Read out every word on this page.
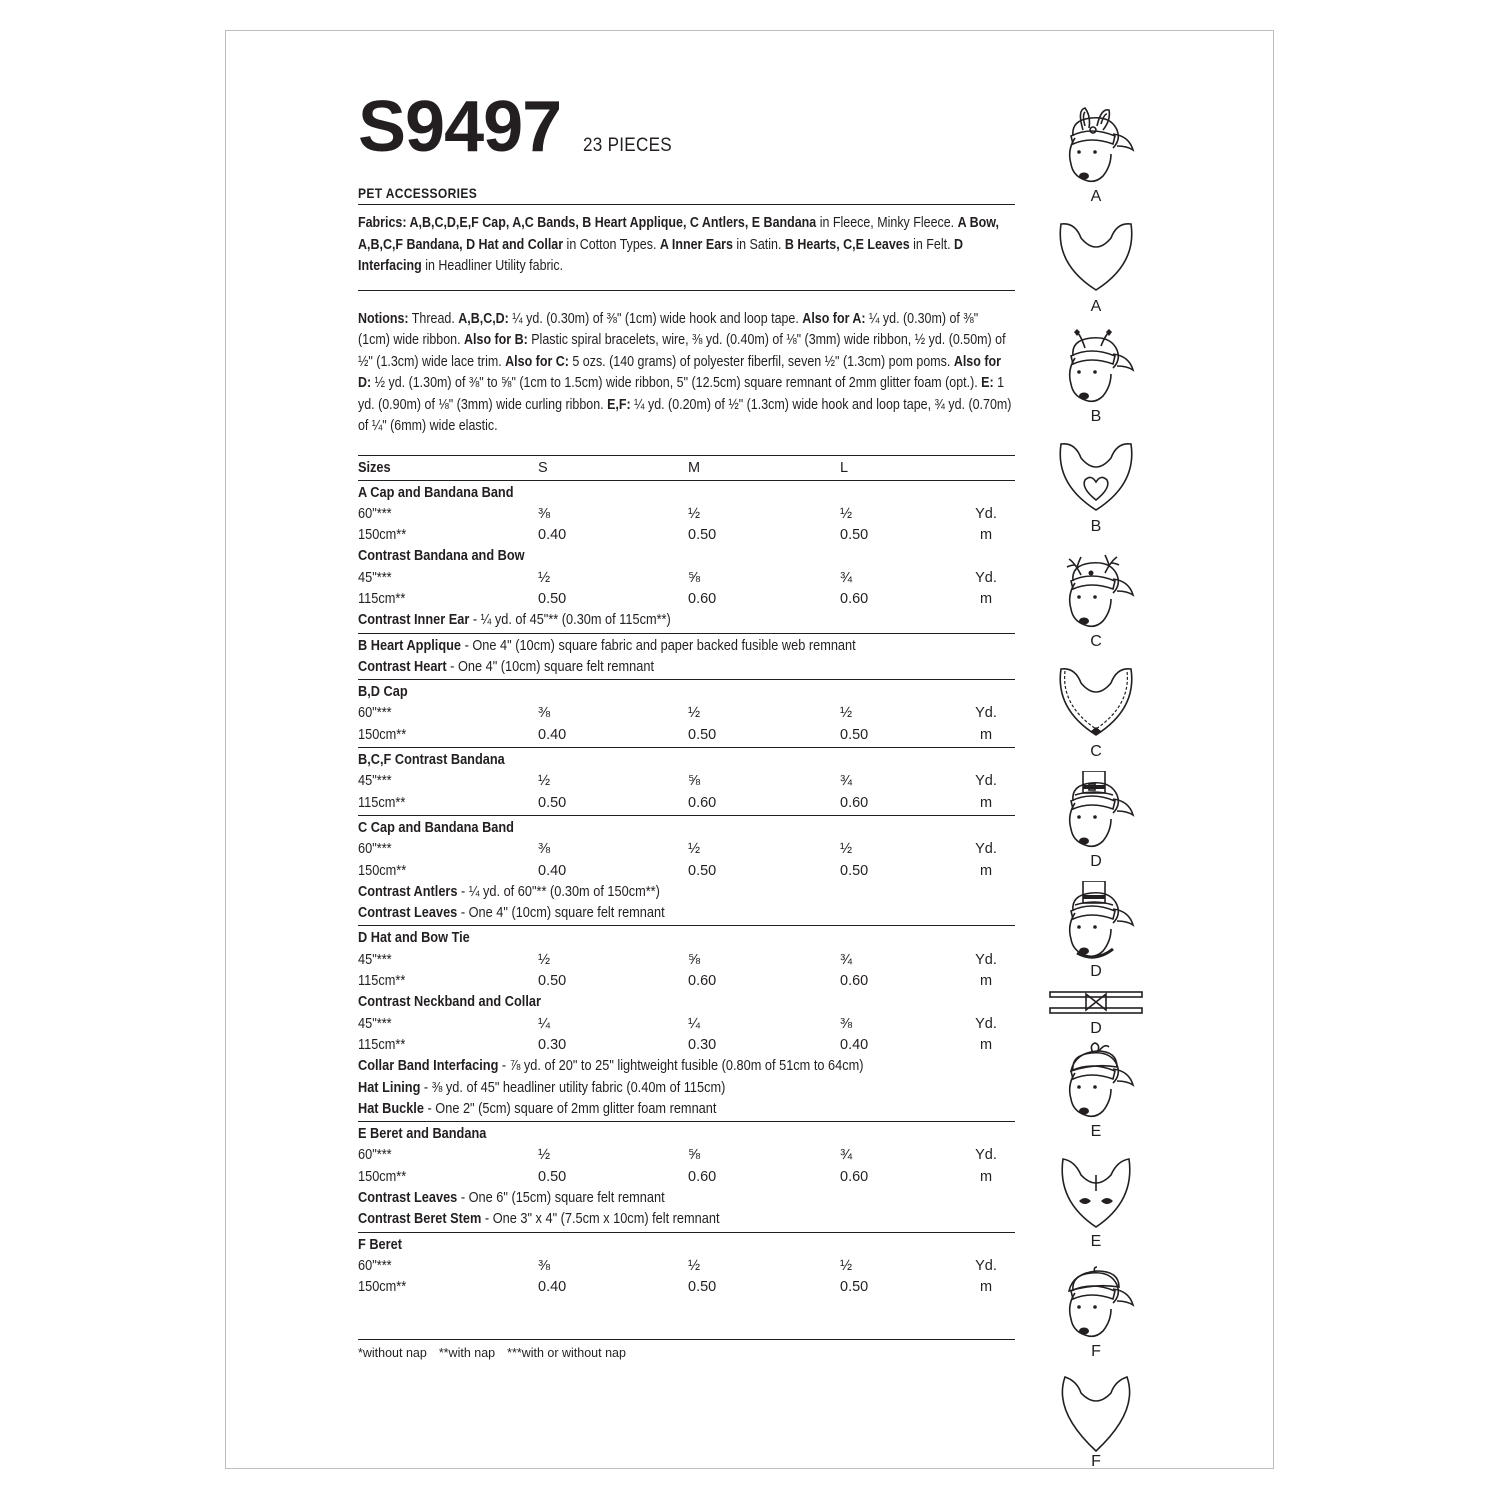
S9497 23 PIECES
PET ACCESSORIES
Fabrics: A,B,C,D,E,F Cap, A,C Bands, B Heart Applique, C Antlers, E Bandana in Fleece, Minky Fleece. A Bow, A,B,C,F Bandana, D Hat and Collar in Cotton Types. A Inner Ears in Satin. B Hearts, C,E Leaves in Felt. D Interfacing in Headliner Utility fabric.
Notions: Thread. A,B,C,D: ¼ yd. (0.30m) of ⅜" (1cm) wide hook and loop tape. Also for A: ¼ yd. (0.30m) of ⅜" (1cm) wide ribbon. Also for B: Plastic spiral bracelets, wire, ⅜ yd. (0.40m) of ⅛" (3mm) wide ribbon, ½ yd. (0.50m) of ½" (1.3cm) wide lace trim. Also for C: 5 ozs. (140 grams) of polyester fiberfil, seven ½" (1.3cm) pom poms. Also for D: ½ yd. (1.30m) of ⅜" to ⅝" (1cm to 1.5cm) wide ribbon, 5" (12.5cm) square remnant of 2mm glitter foam (opt.). E: 1 yd. (0.90m) of ⅛" (3mm) wide curling ribbon. E,F: ¼ yd. (0.20m) of ½" (1.3cm) wide hook and loop tape, ¾ yd. (0.70m) of ¼" (6mm) wide elastic.
Sizes	S	M	L
A Cap and Bandana Band
60"***	⅜	½	½	Yd.
150cm**	0.40	0.50	0.50	m
Contrast Bandana and Bow
45"***	½	⅝	¾	Yd.
115cm**	0.50	0.60	0.60	m
Contrast Inner Ear - ¼ yd. of 45"** (0.30m of 115cm**)
B Heart Applique - One 4" (10cm) square fabric and paper backed fusible web remnant
Contrast Heart - One 4" (10cm) square felt remnant
B,D Cap
60"***	⅜	½	½	Yd.
150cm**	0.40	0.50	0.50	m
B,C,F Contrast Bandana
45"***	½	⅝	¾	Yd.
115cm**	0.50	0.60	0.60	m
C Cap and Bandana Band
60"***	⅜	½	½	Yd.
150cm**	0.40	0.50	0.50	m
Contrast Antlers - ¼ yd. of 60"** (0.30m of 150cm**)
Contrast Leaves - One 4" (10cm) square felt remnant
D Hat and Bow Tie
45"***	½	⅝	¾	Yd.
115cm**	0.50	0.60	0.60	m
Contrast Neckband and Collar
45"***	¼	¼	⅜	Yd.
115cm**	0.30	0.30	0.40	m
Collar Band Interfacing - ⅞ yd. of 20" to 25" lightweight fusible (0.80m of 51cm to 64cm)
Hat Lining - ⅜ yd. of 45" headliner utility fabric (0.40m of 115cm)
Hat Buckle - One 2" (5cm) square of 2mm glitter foam remnant
E Beret and Bandana
60"***	½	⅝	¾	Yd.
150cm**	0.50	0.60	0.60	m
Contrast Leaves - One 6" (15cm) square felt remnant
Contrast Beret Stem - One 3" x 4" (7.5cm x 10cm) felt remnant
F Beret
60"***	⅜	½	½	Yd.
150cm**	0.40	0.50	0.50	m
*without nap **with nap ***with or without nap
A
A
B
B
C
C
D
D
D
E
E
F
F
